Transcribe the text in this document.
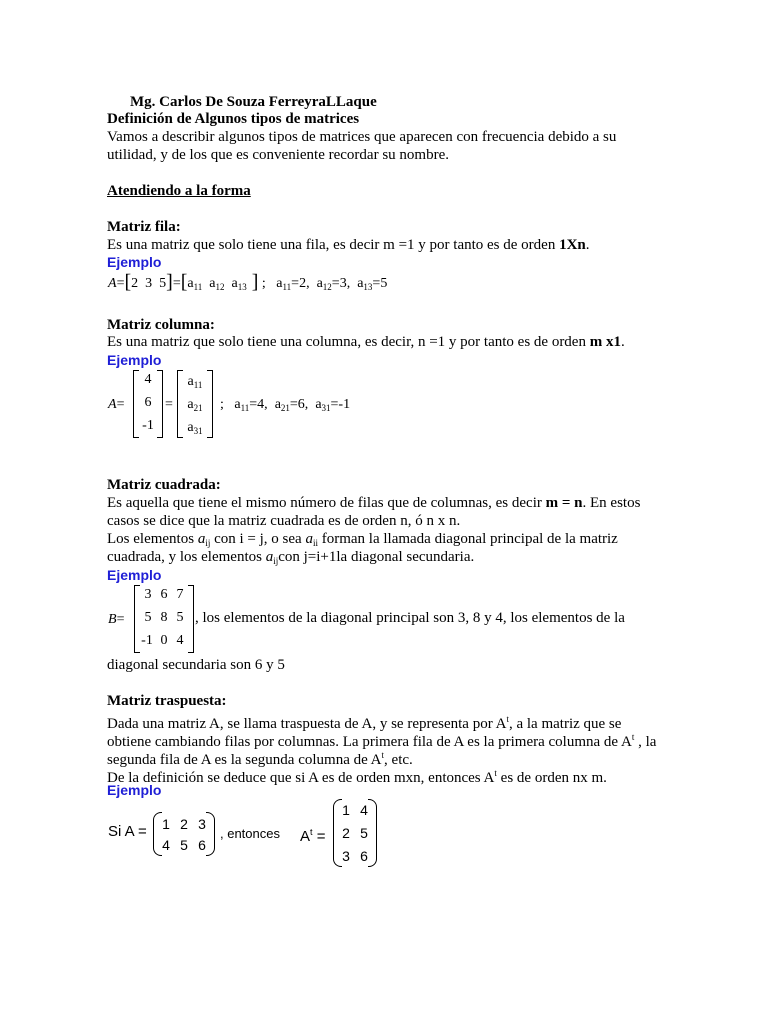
Mg. Carlos De Souza FerreyraLLaque
Definición de Algunos tipos de matrices
Vamos a describir algunos tipos de matrices que aparecen con frecuencia debido a su
utilidad, y de los que es conveniente recordar su nombre.
Atendiendo a la forma
Matriz fila:
Es una matriz que solo tiene una fila, es decir m =1 y por tanto es de orden 1Xn.
Ejemplo
A=[2 3 $5]=[a_{11}$ $a_{12}$ $a_{13}$ ] ; $a_{11}=2$, $a_{12}=3$, $a_{13}=5$
Matriz columna:
Es una matriz que solo tiene una columna, es decir, n =1 y por tanto es de orden m x1.
Ejemplo
A=
4
6
-1
=
$a_{11}$
$a_{21}$
$a_{31}$
; $a_{11}=4$, $a_{21}=6$, $a_{31}=-1$
Matriz cuadrada:
Es aquella que tiene el mismo número de filas que de columnas, es decir m = n. En estos
casos se dice que la matriz cuadrada es de orden n, ó n x n.
Los elementos $a_{ij}$ con i = j, o sea $a_{ii}$ forman la llamada diagonal principal de la matriz
cuadrada, y los elementos $a_{ij}con$ j=i+1la diagonal secundaria.
Ejemplo
B=
3 6 7
5 8 5
-1 0 4
, los elementos de la diagonal principal son 3, 8 y 4, los elementos de la
diagonal secundaria son 6 y 5
Matriz traspuesta:
Dada una matriz A, se llama traspuesta de A, y se representa por $A^t$, a la matriz que se
obtiene cambiando filas por columnas. La primera fila de A es la primera columna de $A^t$ , la
segunda fila de A es la segunda columna de $A^t$, etc.
De la definición se deduce que si A es de orden mxn, entonces $A^t$ es de orden nx m.
Ejemplo
Si A =	1 2 3
4 5 6
, entonces $A^t$ =
1 4
2 5
3 6
